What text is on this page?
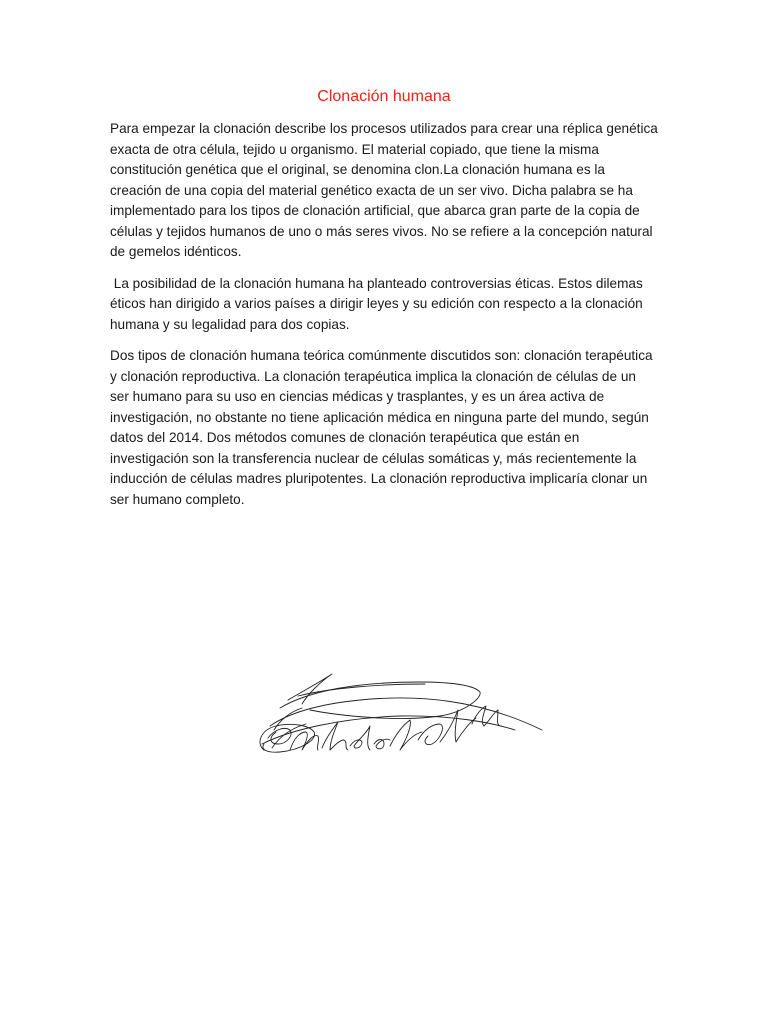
Clonación humana

Para empezar la clonación describe los procesos utilizados para crear una réplica genética exacta de otra célula, tejido u organismo. El material copiado, que tiene la misma constitución genética que el original, se denomina clon.La clonación humana es la creación de una copia del material genético exacta de un ser vivo. Dicha palabra se ha implementado para los tipos de clonación artificial, que abarca gran parte de la copia de células y tejidos humanos de uno o más seres vivos. No se refiere a la concepción natural de gemelos idénticos.

La posibilidad de la clonación humana ha planteado controversias éticas. Estos dilemas éticos han dirigido a varios países a dirigir leyes y su edición con respecto a la clonación humana y su legalidad para dos copias.

Dos tipos de clonación humana teórica comúnmente discutidos son: clonación terapéutica y clonación reproductiva. La clonación terapéutica implica la clonación de células de un ser humano para su uso en ciencias médicas y trasplantes, y es un área activa de investigación, no obstante no tiene aplicación médica en ninguna parte del mundo, según datos del 2014. Dos métodos comunes de clonación terapéutica que están en investigación son la transferencia nuclear de células somáticas y, más recientemente la inducción de células madres pluripotentes. La clonación reproductiva implicaría clonar un ser humano completo.
